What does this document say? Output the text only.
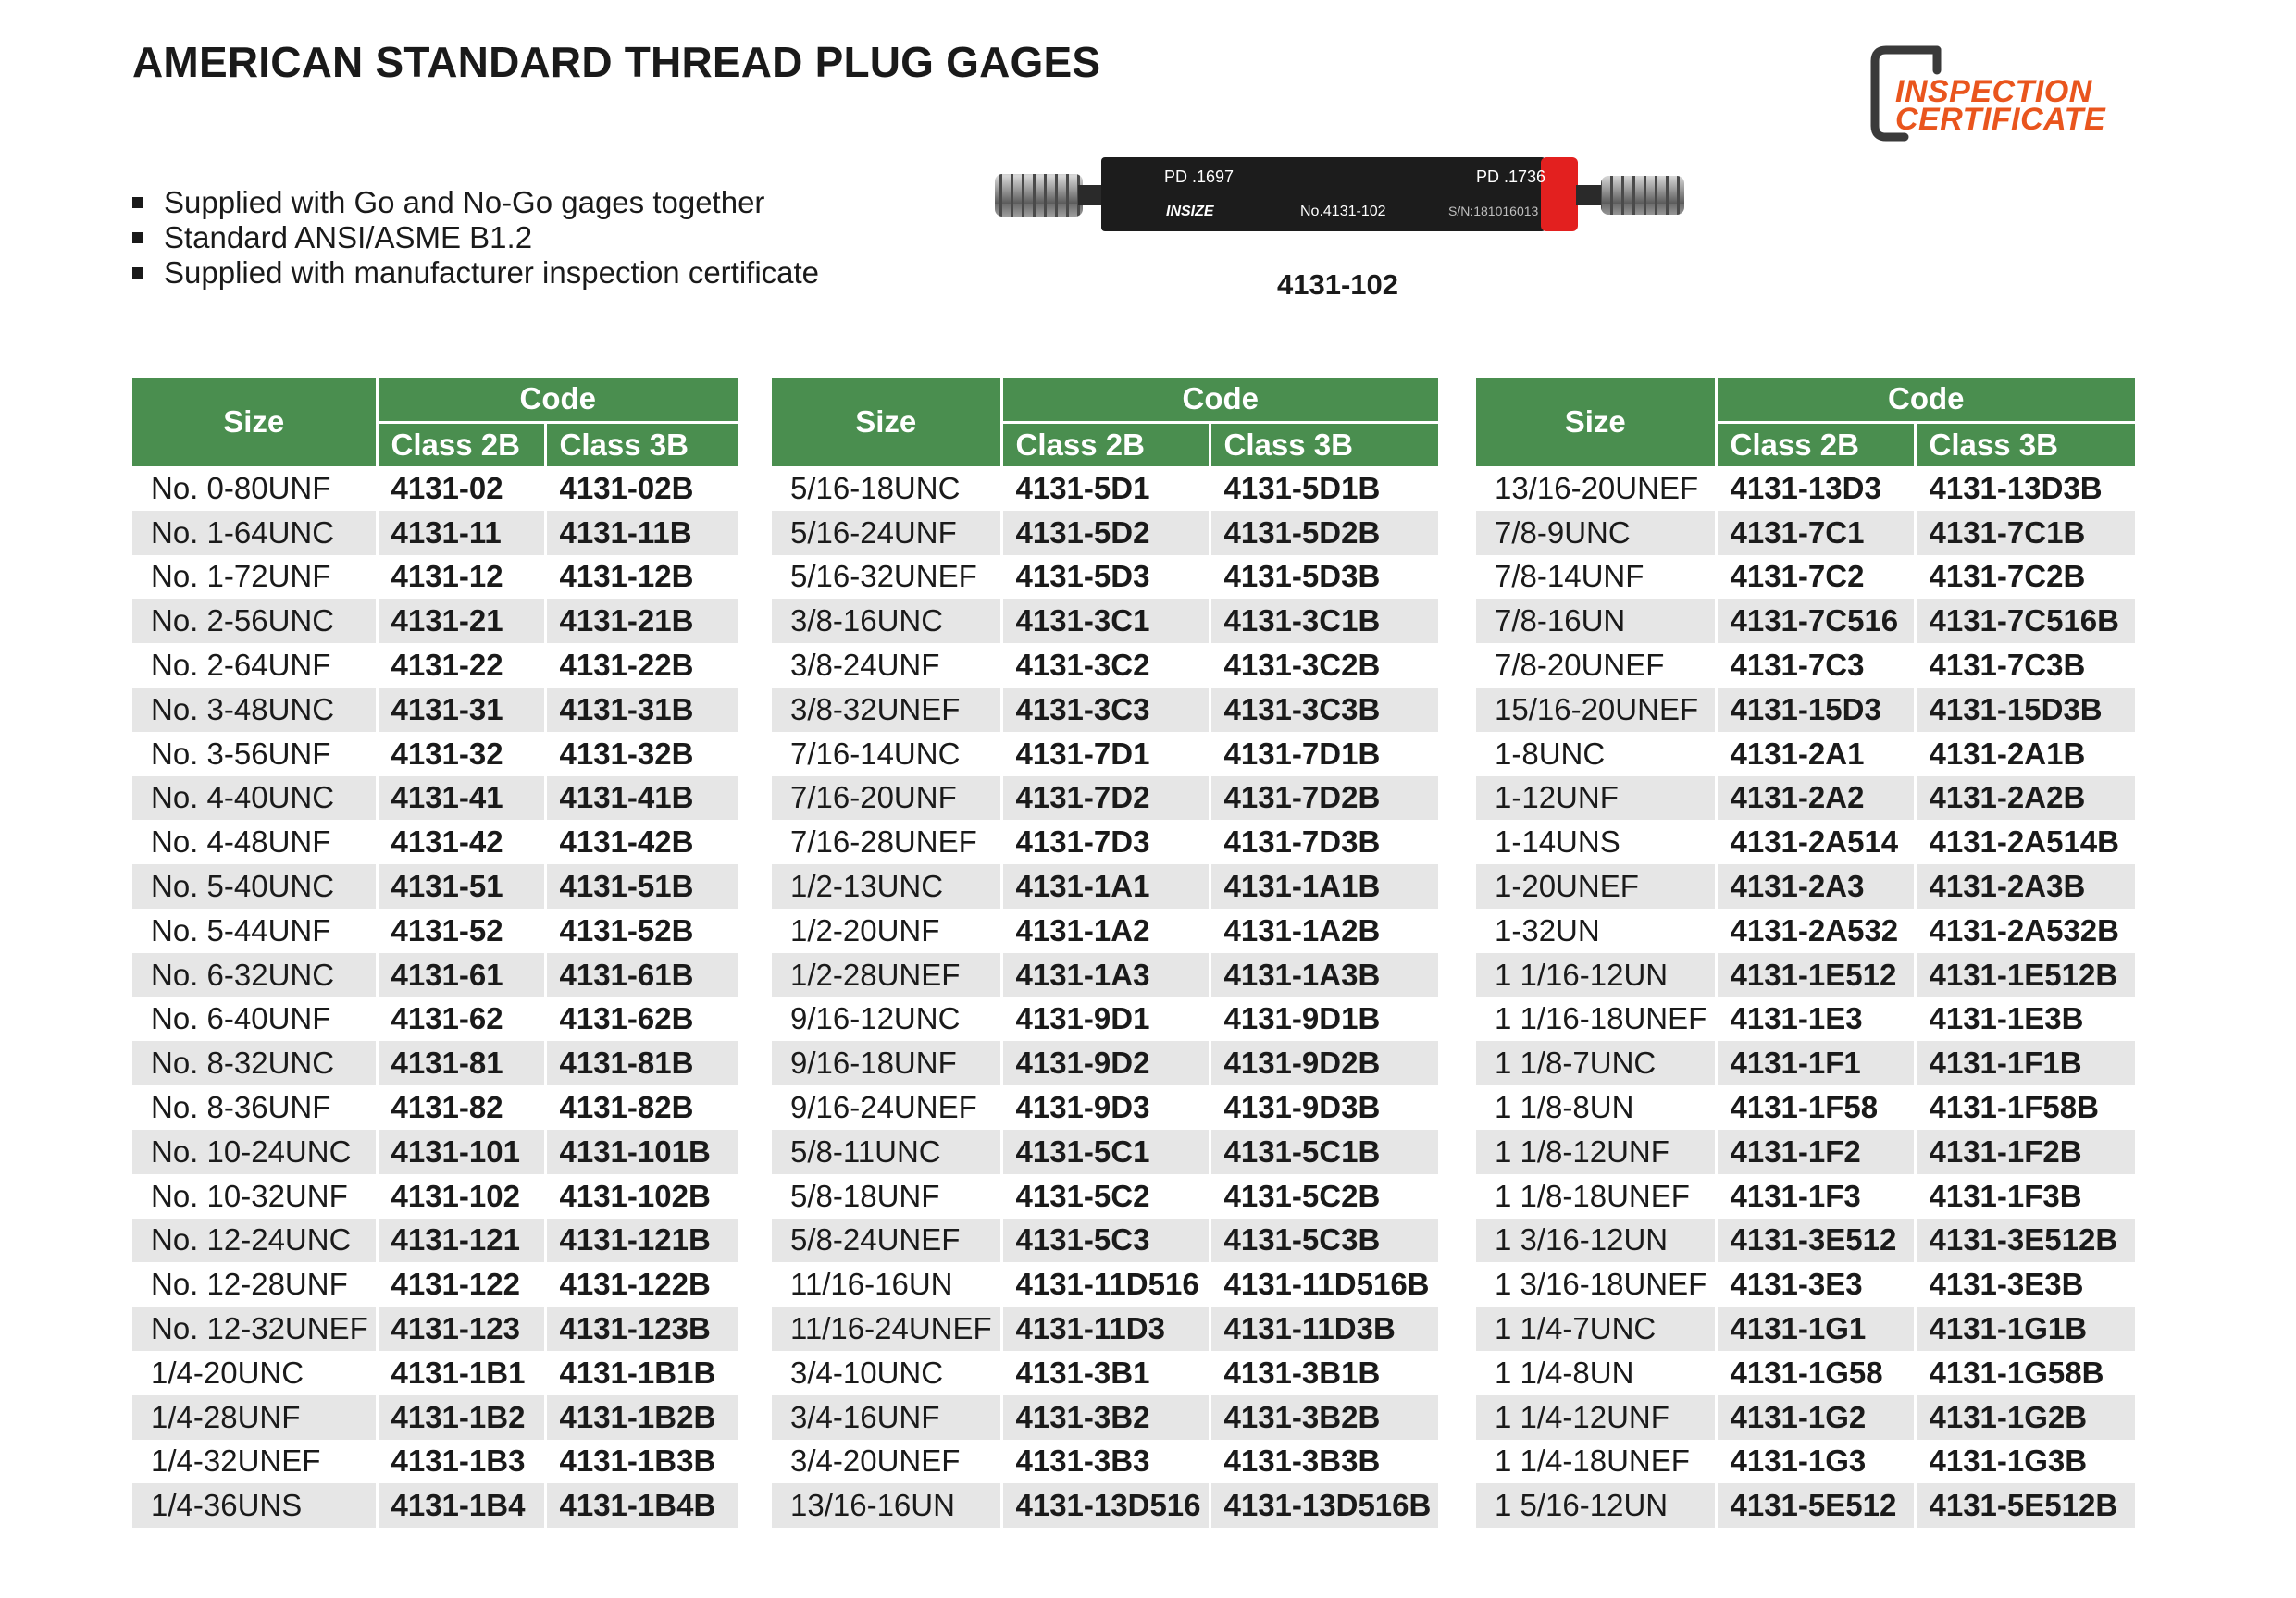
AMERICAN STANDARD THREAD PLUG GAGES
INSPECTION
CERTIFICATE
Supplied with Go and No-Go gages together
Standard ANSI/ASME B1.2
Supplied with manufacturer inspection certificate
PD .1697	PD .1736
INSIZE	No.4131-102	S/N:181016013
4131-102
Size	Code	
	Class 2B	Class 3B
No. 0-80UNF	4131-02	4131-02B
No. 1-64UNC	4131-11	4131-11B
No. 1-72UNF	4131-12	4131-12B
No. 2-56UNC	4131-21	4131-21B
No. 2-64UNF	4131-22	4131-22B
No. 3-48UNC	4131-31	4131-31B
No. 3-56UNF	4131-32	4131-32B
No. 4-40UNC	4131-41	4131-41B
No. 4-48UNF	4131-42	4131-42B
No. 5-40UNC	4131-51	4131-51B
No. 5-44UNF	4131-52	4131-52B
No. 6-32UNC	4131-61	4131-61B
No. 6-40UNF	4131-62	4131-62B
No. 8-32UNC	4131-81	4131-81B
No. 8-36UNF	4131-82	4131-82B
No. 10-24UNC	4131-101	4131-101B
No. 10-32UNF	4131-102	4131-102B
No. 12-24UNC	4131-121	4131-121B
No. 12-28UNF	4131-122	4131-122B
No. 12-32UNEF	4131-123	4131-123B
1/4-20UNC	4131-1B1	4131-1B1B
1/4-28UNF	4131-1B2	4131-1B2B
1/4-32UNEF	4131-1B3	4131-1B3B
1/4-36UNS	4131-1B4	4131-1B4B
Size	Code	
	Class 2B	Class 3B
5/16-18UNC	4131-5D1	4131-5D1B
5/16-24UNF	4131-5D2	4131-5D2B
5/16-32UNEF	4131-5D3	4131-5D3B
3/8-16UNC	4131-3C1	4131-3C1B
3/8-24UNF	4131-3C2	4131-3C2B
3/8-32UNEF	4131-3C3	4131-3C3B
7/16-14UNC	4131-7D1	4131-7D1B
7/16-20UNF	4131-7D2	4131-7D2B
7/16-28UNEF	4131-7D3	4131-7D3B
1/2-13UNC	4131-1A1	4131-1A1B
1/2-20UNF	4131-1A2	4131-1A2B
1/2-28UNEF	4131-1A3	4131-1A3B
9/16-12UNC	4131-9D1	4131-9D1B
9/16-18UNF	4131-9D2	4131-9D2B
9/16-24UNEF	4131-9D3	4131-9D3B
5/8-11UNC	4131-5C1	4131-5C1B
5/8-18UNF	4131-5C2	4131-5C2B
5/8-24UNEF	4131-5C3	4131-5C3B
11/16-16UN	4131-11D516	4131-11D516B
11/16-24UNEF	4131-11D3	4131-11D3B
3/4-10UNC	4131-3B1	4131-3B1B
3/4-16UNF	4131-3B2	4131-3B2B
3/4-20UNEF	4131-3B3	4131-3B3B
13/16-16UN	4131-13D516	4131-13D516B
Size	Code	
	Class 2B	Class 3B
13/16-20UNEF	4131-13D3	4131-13D3B
7/8-9UNC	4131-7C1	4131-7C1B
7/8-14UNF	4131-7C2	4131-7C2B
7/8-16UN	4131-7C516	4131-7C516B
7/8-20UNEF	4131-7C3	4131-7C3B
15/16-20UNEF	4131-15D3	4131-15D3B
1-8UNC	4131-2A1	4131-2A1B
1-12UNF	4131-2A2	4131-2A2B
1-14UNS	4131-2A514	4131-2A514B
1-20UNEF	4131-2A3	4131-2A3B
1-32UN	4131-2A532	4131-2A532B
1 1/16-12UN	4131-1E512	4131-1E512B
1 1/16-18UNEF	4131-1E3	4131-1E3B
1 1/8-7UNC	4131-1F1	4131-1F1B
1 1/8-8UN	4131-1F58	4131-1F58B
1 1/8-12UNF	4131-1F2	4131-1F2B
1 1/8-18UNEF	4131-1F3	4131-1F3B
1 3/16-12UN	4131-3E512	4131-3E512B
1 3/16-18UNEF	4131-3E3	4131-3E3B
1 1/4-7UNC	4131-1G1	4131-1G1B
1 1/4-8UN	4131-1G58	4131-1G58B
1 1/4-12UNF	4131-1G2	4131-1G2B
1 1/4-18UNEF	4131-1G3	4131-1G3B
1 5/16-12UN	4131-5E512	4131-5E512B
